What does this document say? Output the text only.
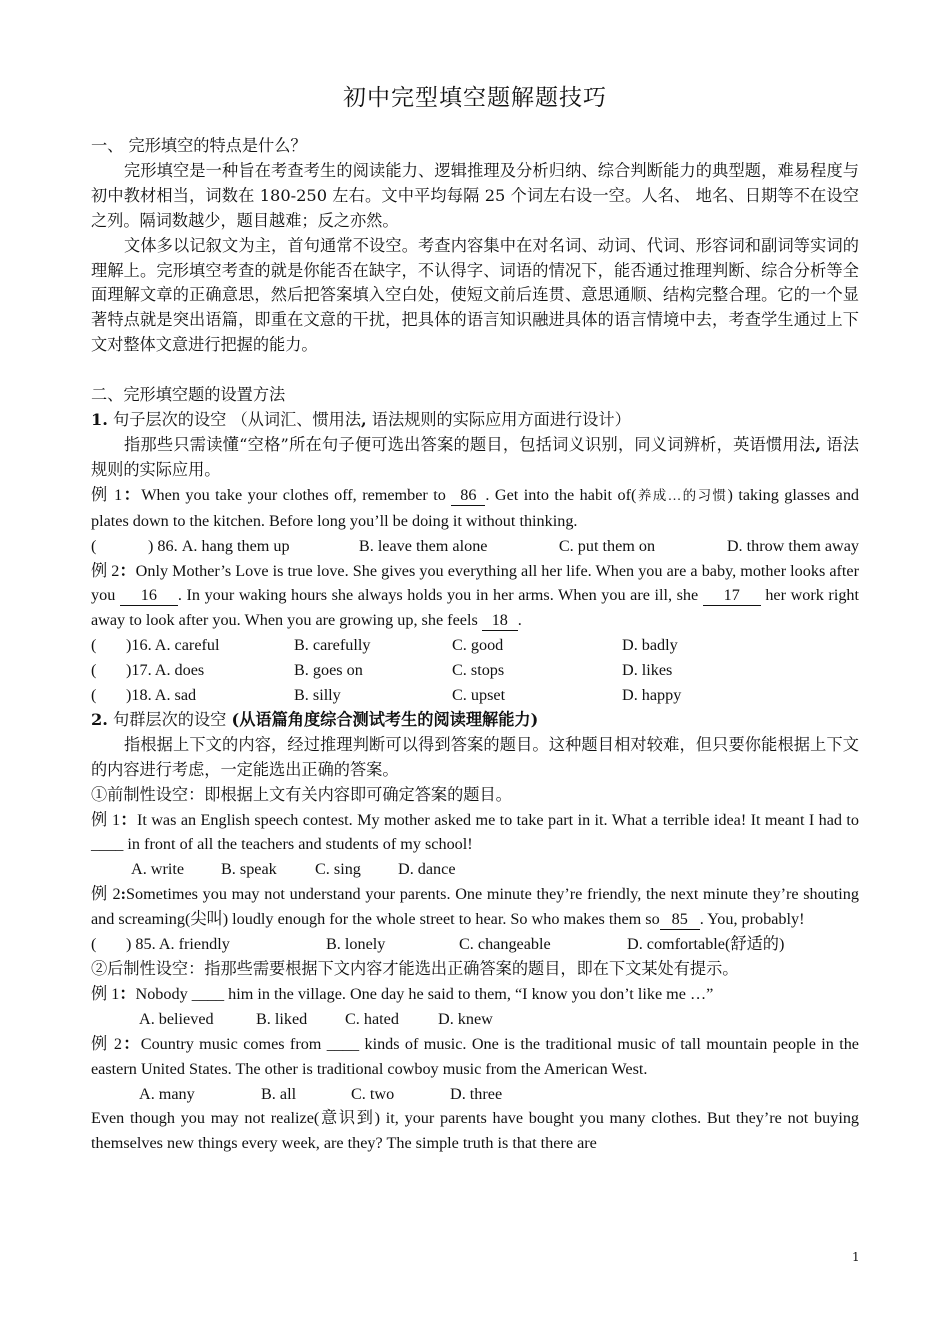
初中完型填空题解题技巧

一、 完形填空的特点是什么？

完形填空是一种旨在考查考生的阅读能力、逻辑推理及分析归纳、综合判断能力的典型题，难易程度与初中教材相当，词数在 180-250 左右。文中平均每隔 25 个词左右设一空。人名、 地名、日期等不在设空之列。隔词数越少，题目越难；反之亦然。

文体多以记叙文为主，首句通常不设空。考查内容集中在对名词、动词、代词、形容词和副词等实词的理解上。完形填空考查的就是你能否在缺字，不认得字、词语的情况下，能否通过推理判断、综合分析等全面理解文章的正确意思，然后把答案填入空白处，使短文前后连贯、意思通顺、结构完整合理。它的一个显著特点就是突出语篇，即重在文意的干扰，把具体的语言知识融进具体的语言情境中去，考查学生通过上下文对整体文意进行把握的能力。

二、完形填空题的设置方法

1. 句子层次的设空 （从词汇、惯用法, 语法规则的实际应用方面进行设计）

指那些只需读懂“空格”所在句子便可选出答案的题目，包括词义识别，同义词辨析，英语惯用法, 语法规则的实际应用。

例 1：When you take your clothes off, remember to 86 . Get into the habit of(养成…的习惯) taking glasses and plates down to the kitchen. Before long you’ll be doing it without thinking.

(	) 86. A. hang them up	B. leave them alone	C. put them on	D. throw them away

例 2：Only Mother’s Love is true love. She gives you everything all her life. When you are a baby, mother looks after you 16 . In your waking hours she always holds you in her arms. When you are ill, she 17 her work right away to look after you. When you are growing up, she feels 18 .

(	)16. A. careful	B. carefully	C. good	D. badly
(	)17. A. does	B. goes on	C. stops	D. likes
(	)18. A. sad	B. silly	C. upset	D. happy

2. 句群层次的设空 (从语篇角度综合测试考生的阅读理解能力)

指根据上下文的内容，经过推理判断可以得到答案的题目。这种题目相对较难，但只要你能根据上下文的内容进行考虑，一定能选出正确的答案。

①前制性设空：即根据上文有关内容即可确定答案的题目。

例 1：It was an English speech contest. My mother asked me to take part in it. What a terrible idea! It meant I had to ____ in front of all the teachers and students of my school!

A. write	B. speak	C. sing	D. dance

例 2:Sometimes you may not understand your parents. One minute they’re friendly, the next minute they’re shouting and screaming(尖叫) loudly enough for the whole street to hear. So who makes them so 85 . You, probably!

(	) 85. A. friendly	B. lonely	C. changeable	D. comfortable(舒适的)

②后制性设空：指那些需要根据下文内容才能选出正确答案的题目，即在下文某处有提示。

例 1：Nobody ____ him in the village. One day he said to them, “I know you don’t like me …”

A. believed	B. liked	C. hated	D. knew

例 2：Country music comes from ____ kinds of music. One is the traditional music of tall mountain people in the eastern United States. The other is traditional cowboy music from the American West.

A. many	B. all	C. two	D. three

Even though you may not realize(意识到) it, your parents have bought you many clothes. But they’re not buying themselves new things every week, are they? The simple truth is that there are

1
